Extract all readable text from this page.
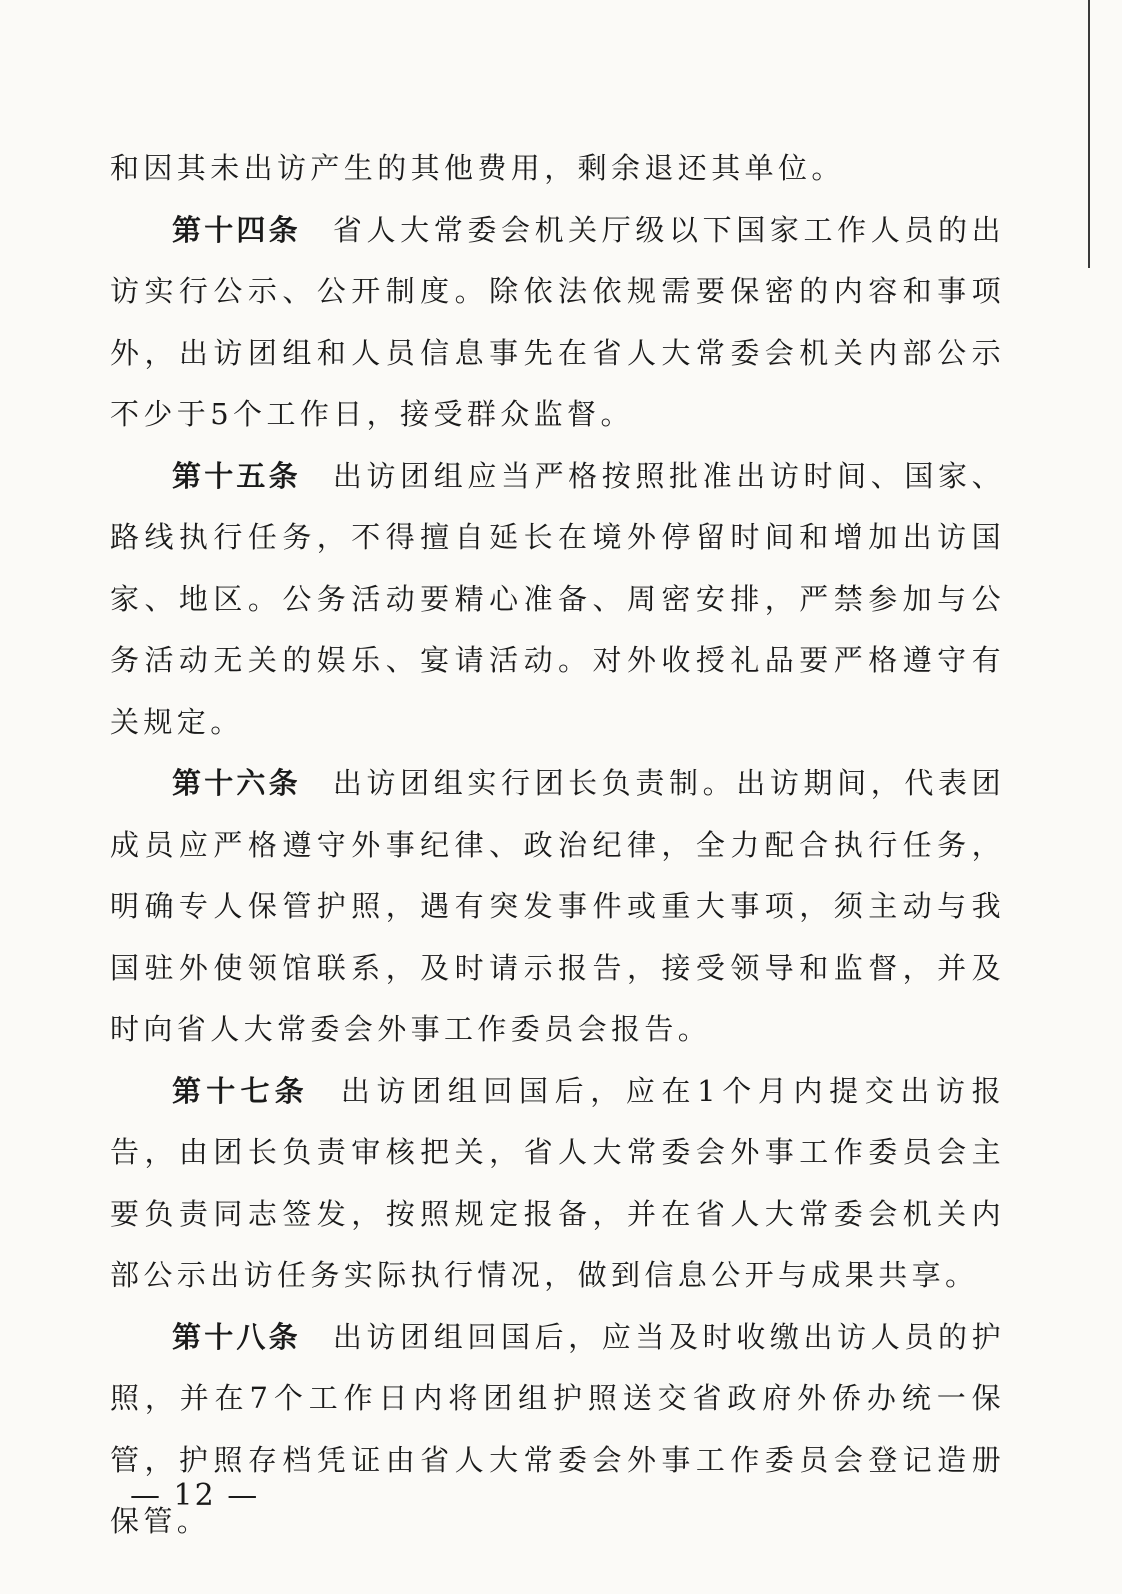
和因其未出访产生的其他费用，剩余退还其单位。

第十四条 省人大常委会机关厅级以下国家工作人员的出访实行公示、公开制度。除依法依规需要保密的内容和事项外，出访团组和人员信息事先在省人大常委会机关内部公示不少于5个工作日，接受群众监督。

第十五条 出访团组应当严格按照批准出访时间、国家、路线执行任务，不得擅自延长在境外停留时间和增加出访国家、地区。公务活动要精心准备、周密安排，严禁参加与公务活动无关的娱乐、宴请活动。对外收授礼品要严格遵守有关规定。

第十六条 出访团组实行团长负责制。出访期间，代表团成员应严格遵守外事纪律、政治纪律，全力配合执行任务，明确专人保管护照，遇有突发事件或重大事项，须主动与我国驻外使领馆联系，及时请示报告，接受领导和监督，并及时向省人大常委会外事工作委员会报告。

第十七条 出访团组回国后，应在1个月内提交出访报告，由团长负责审核把关，省人大常委会外事工作委员会主要负责同志签发，按照规定报备，并在省人大常委会机关内部公示出访任务实际执行情况，做到信息公开与成果共享。

第十八条 出访团组回国后，应当及时收缴出访人员的护照，并在7个工作日内将团组护照送交省政府外侨办统一保管，护照存档凭证由省人大常委会外事工作委员会登记造册保管。

— 12 —
